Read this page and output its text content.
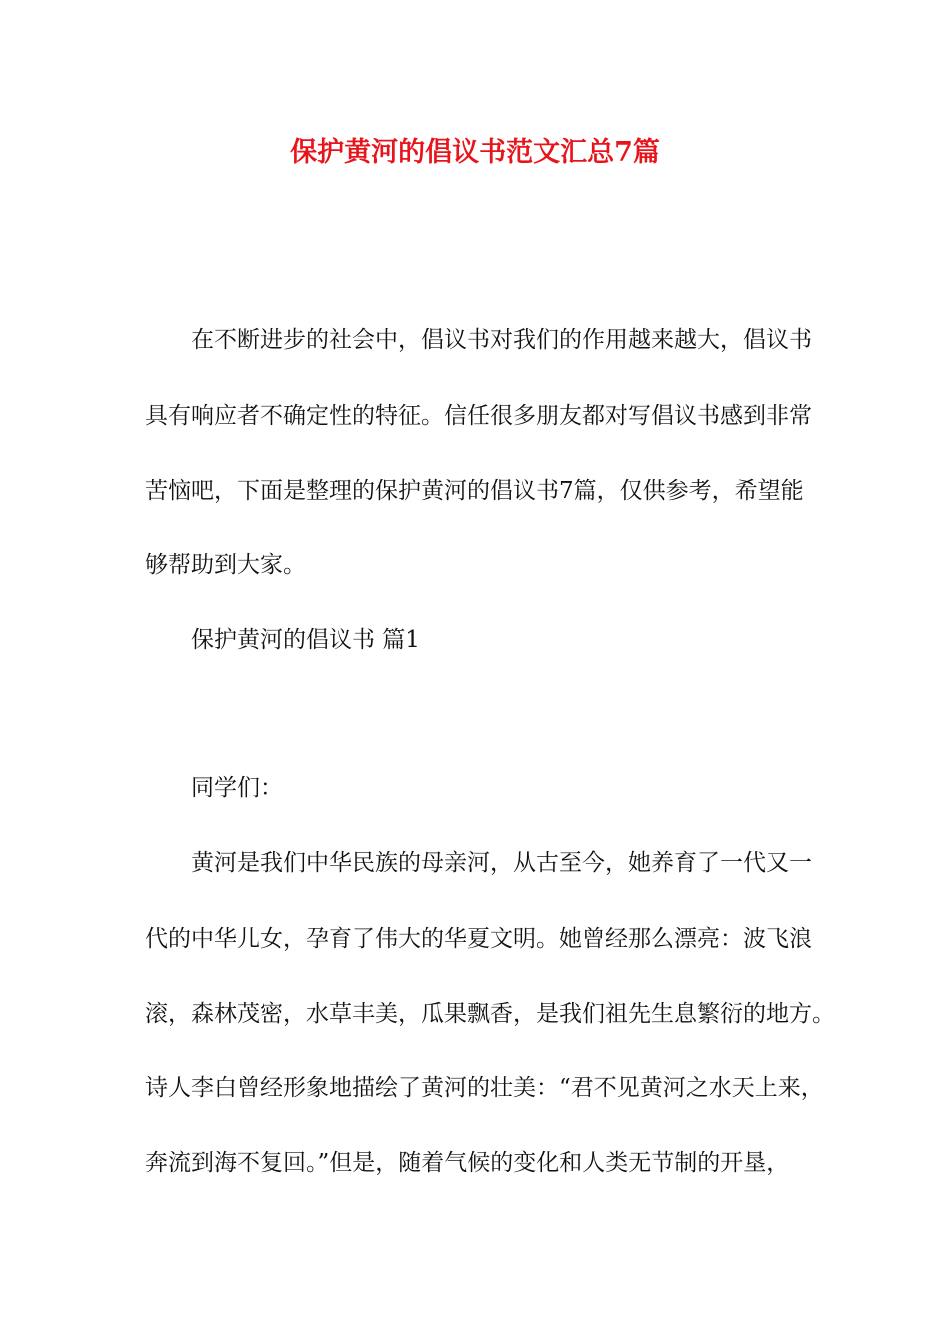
保护黄河的倡议书范文汇总7篇

在不断进步的社会中，倡议书对我们的作用越来越大，倡议书

具有响应者不确定性的特征。信任很多朋友都对写倡议书感到非常

苦恼吧，下面是整理的保护黄河的倡议书7篇，仅供参考，希望能

够帮助到大家。

保护黄河的倡议书 篇1

同学们：

黄河是我们中华民族的母亲河，从古至今，她养育了一代又一

代的中华儿女，孕育了伟大的华夏文明。她曾经那么漂亮：波飞浪

滚，森林茂密，水草丰美，瓜果飘香，是我们祖先生息繁衍的地方。

诗人李白曾经形象地描绘了黄河的壮美：“君不见黄河之水天上来，

奔流到海不复回。”但是，随着气候的变化和人类无节制的开垦，
